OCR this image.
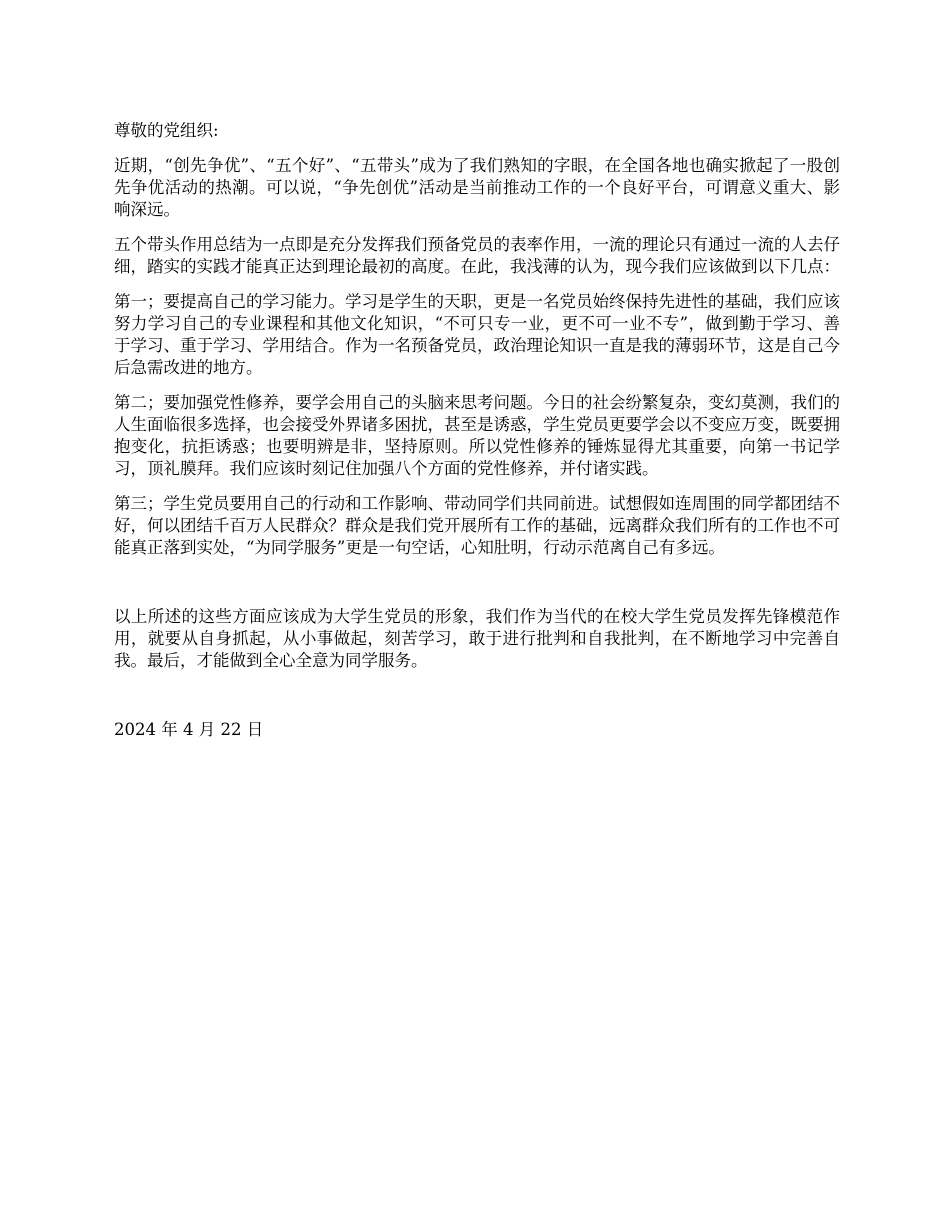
尊敬的党组织:

近期，“创先争优”、“五个好”、“五带头”成为了我们熟知的字眼，在全国各地也确实掀起了一股创先争优活动的热潮。可以说，“争先创优”活动是当前推动工作的一个良好平台，可谓意义重大、影响深远。

五个带头作用总结为一点即是充分发挥我们预备党员的表率作用，一流的理论只有通过一流的人去仔细，踏实的实践才能真正达到理论最初的高度。在此，我浅薄的认为，现今我们应该做到以下几点：

第一；要提高自己的学习能力。学习是学生的天职，更是一名党员始终保持先进性的基础，我们应该努力学习自己的专业课程和其他文化知识，“不可只专一业，更不可一业不专”，做到勤于学习、善于学习、重于学习、学用结合。作为一名预备党员，政治理论知识一直是我的薄弱环节，这是自己今后急需改进的地方。

第二；要加强党性修养，要学会用自己的头脑来思考问题。今日的社会纷繁复杂，变幻莫测，我们的人生面临很多选择，也会接受外界诸多困扰，甚至是诱惑，学生党员更要学会以不变应万变，既要拥抱变化，抗拒诱惑；也要明辨是非，坚持原则。所以党性修养的锤炼显得尤其重要，向第一书记学习，顶礼膜拜。我们应该时刻记住加强八个方面的党性修养，并付诸实践。

第三；学生党员要用自己的行动和工作影响、带动同学们共同前进。试想假如连周围的同学都团结不好，何以团结千百万人民群众？群众是我们党开展所有工作的基础，远离群众我们所有的工作也不可能真正落到实处，“为同学服务”更是一句空话，心知肚明，行动示范离自己有多远。

以上所述的这些方面应该成为大学生党员的形象，我们作为当代的在校大学生党员发挥先锋模范作用，就要从自身抓起，从小事做起，刻苦学习，敢于进行批判和自我批判，在不断地学习中完善自我。最后，才能做到全心全意为同学服务。

2024 年 4 月 22 日
